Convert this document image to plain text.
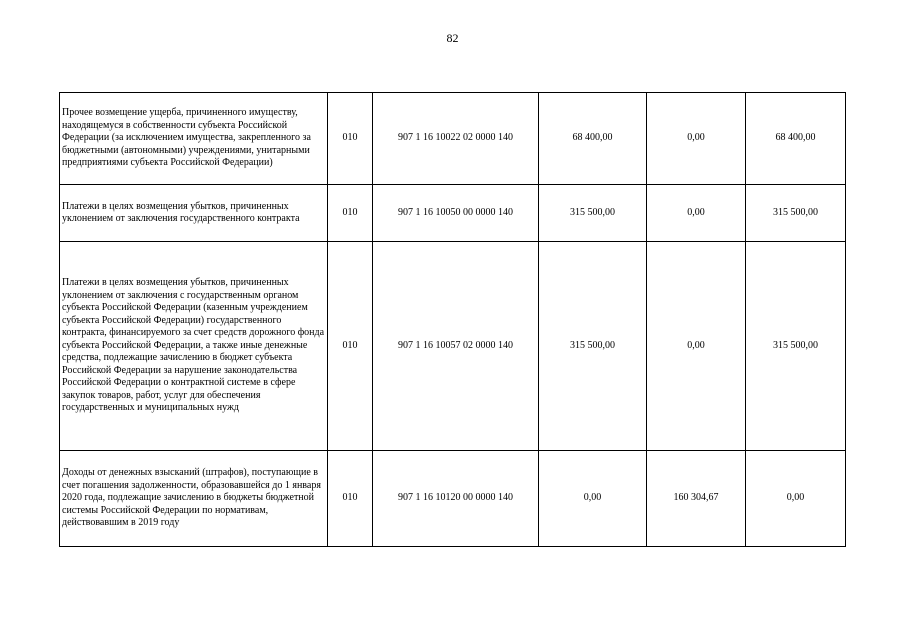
82
Прочее возмещение ущерба, причиненного имуществу, находящемуся в собственности субъекта Российской Федерации (за исключением имущества, закрепленного за бюджетными (автономными) учреждениями, унитарными предприятиями субъекта Российской Федерации)	010	907 1 16 10022 02 0000 140	68 400,00	0,00	68 400,00
Платежи в целях возмещения убытков, причиненных уклонением от заключения государственного контракта	010	907 1 16 10050 00 0000 140	315 500,00	0,00	315 500,00
Платежи в целях возмещения убытков, причиненных уклонением от заключения с государственным органом субъекта Российской Федерации (казенным учреждением субъекта Российской Федерации) государственного контракта, финансируемого за счет средств дорожного фонда субъекта Российской Федерации, а также иные денежные средства, подлежащие зачислению в бюджет субъекта Российской Федерации за нарушение законодательства Российской Федерации о контрактной системе в сфере закупок товаров, работ, услуг для обеспечения государственных и муниципальных нужд	010	907 1 16 10057 02 0000 140	315 500,00	0,00	315 500,00
Доходы от денежных взысканий (штрафов), поступающие в счет погашения задолженности, образовавшейся до 1 января 2020 года, подлежащие зачислению в бюджеты бюджетной системы Российской Федерации по нормативам, действовавшим в 2019 году	010	907 1 16 10120 00 0000 140	0,00	160 304,67	0,00
